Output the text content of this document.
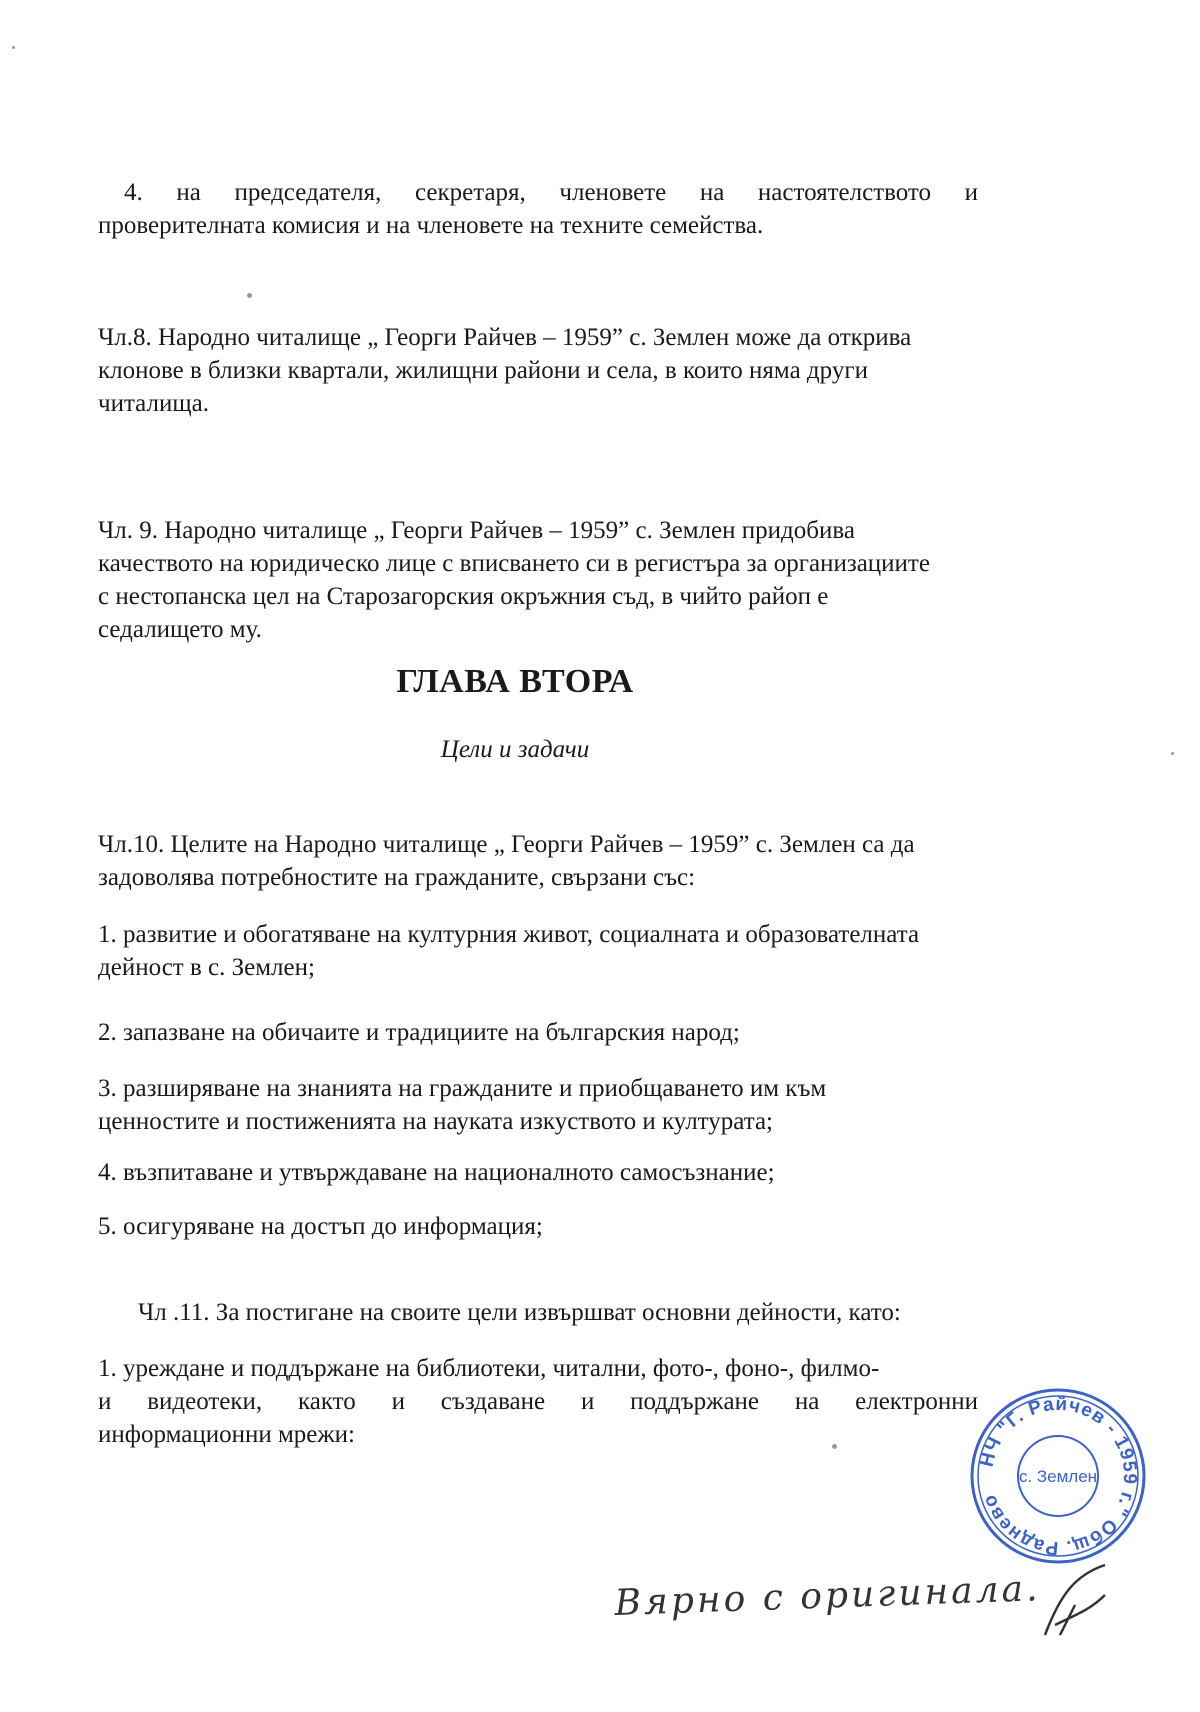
4. на председателя, секретаря, членовете на настоятелството и
проверителната комисия и на членовете на техните семейства.
Чл.8. Народно читалище „ Георги Райчев – 1959” с. Землен може да открива
клонове в близки квартали, жилищни райони и села, в които няма други
читалища.
Чл. 9. Народно читалище „ Георги Райчев – 1959” с. Землен придобива
качеството на юридическо лице с вписването си в регистъра за организациите
с нестопанска цел на Старозагорския окръжния съд, в чийто райоп е
седалището му.
ГЛАВА ВТОРА
Цели и задачи
Чл.10. Целите на Народно читалище „ Георги Райчев – 1959” с. Землен са да
задоволява потребностите на гражданите, свързани със:
1. развитие и обогатяване на културния живот, социалната и образователната
дейност в с. Землен;
2. запазване на обичаите и традициите на българския народ;
3. разширяване на знанията на гражданите и приобщаването им към
ценностите и постиженията на науката изкуството и културата;
4. възпитаване и утвърждаване на националното самосъзнание;
5. осигуряване на достъп до информация;
Чл .11. За постигане на своите цели извършват основни дейности, като:
1. уреждане и поддържане на библиотеки, читални, фото-, фоно-, филмо-
и видеотеки, както и създаване и поддържане на електронни
информационни мрежи:
НЧ "Г. Райчев - 1959 г." Общ. Раднево
с. Землен
Вярно с оригинала.
